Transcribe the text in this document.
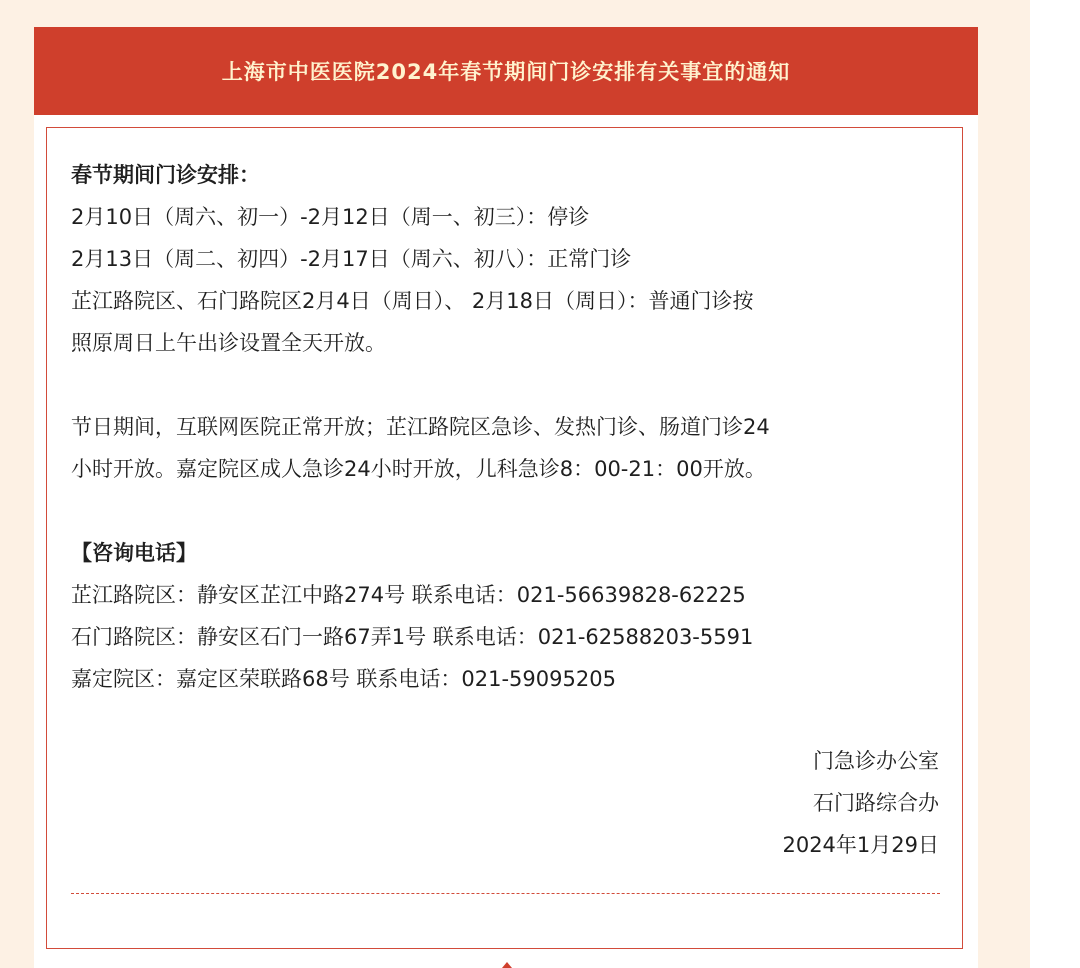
上海市中医医院2024年春节期间门诊安排有关事宜的通知
春节期间门诊安排：
2月10日（周六、初一）-2月12日（周一、初三）：停诊
2月13日（周二、初四）-2月17日（周六、初八）：正常门诊
芷江路院区、石门路院区2月4日（周日）、 2月18日（周日）：普通门诊按
照原周日上午出诊设置全天开放。
节日期间，互联网医院正常开放；芷江路院区急诊、发热门诊、肠道门诊24
小时开放。嘉定院区成人急诊24小时开放，儿科急诊8：00-21：00开放。
【咨询电话】
芷江路院区：静安区芷江中路274号 联系电话：021-56639828-62225
石门路院区：静安区石门一路67弄1号 联系电话：021-62588203-5591
嘉定院区：嘉定区荣联路68号 联系电话：021-59095205
门急诊办公室
石门路综合办
2024年1月29日
